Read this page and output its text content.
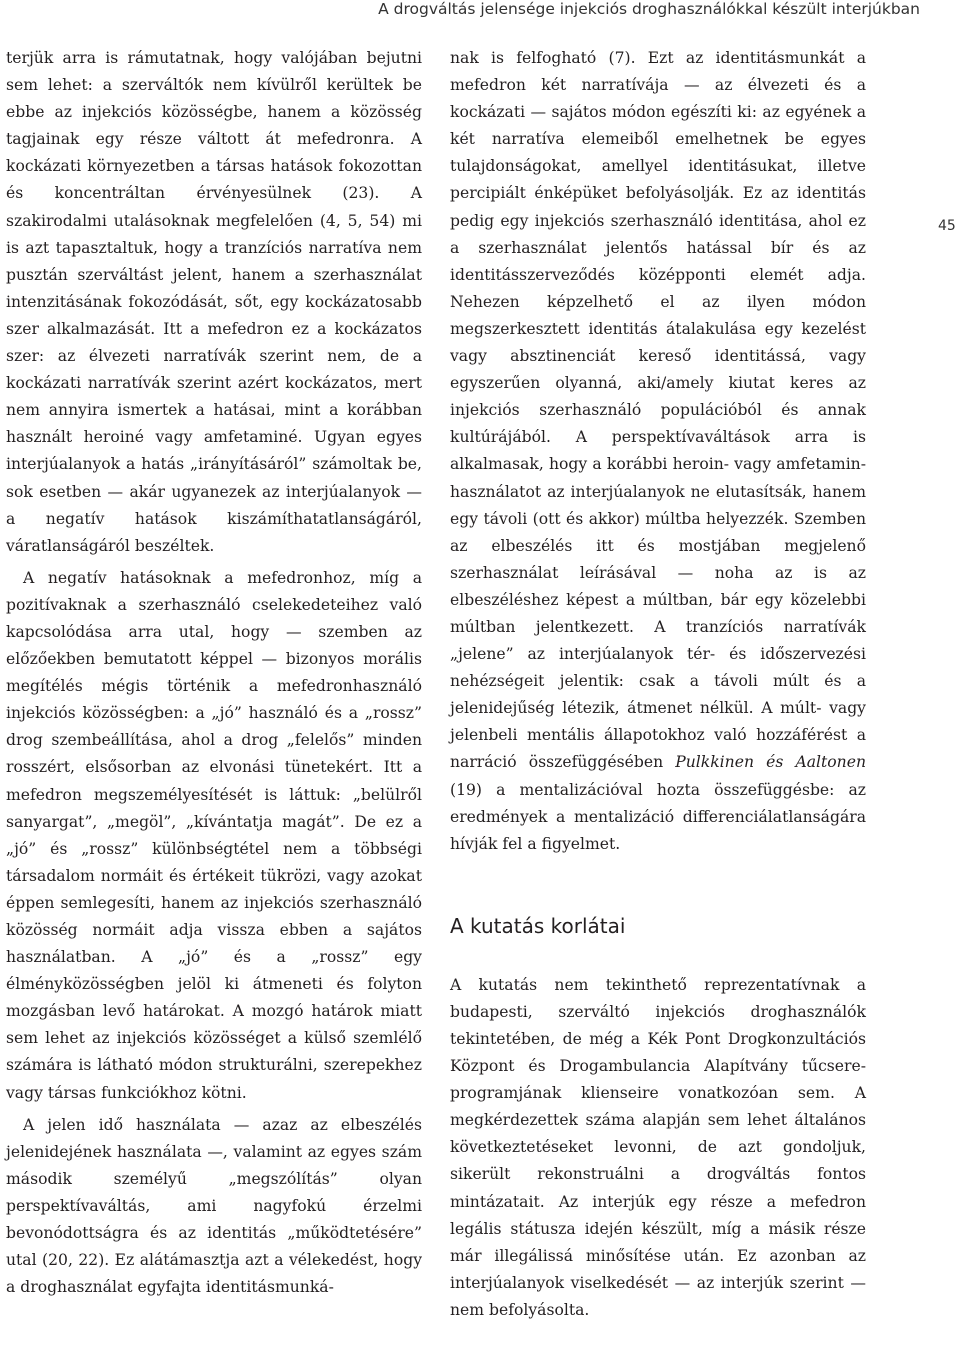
A drogváltás jelensége injekciós droghasználókkal készült interjúkban
45

terjük arra is rámutatnak, hogy valójában bejutni sem lehet: a szerváltók nem kívülről kerültek be ebbe az injekciós közösségbe, hanem a közösség tagjainak egy része váltott át mefedronra. A kockázati környezetben a társas hatások fokozottan és koncentráltan érvényesülnek (23). A szakirodalmi utalásoknak megfelelően (4, 5, 54) mi is azt tapasztaltuk, hogy a tranzíciós narratíva nem pusztán szerváltást jelent, hanem a szerhasználat intenzitásának fokozódását, sőt, egy kockázatosabb szer alkalmazását. Itt a mefedron ez a kockázatos szer: az élvezeti narratívák szerint nem, de a kockázati narratívák szerint azért kockázatos, mert nem annyira ismertek a hatásai, mint a korábban használt heroiné vagy amfetaminé. Ugyan egyes interjúalanyok a hatás „irányításáról” számoltak be, sok esetben — akár ugyanezek az interjúalanyok — a negatív hatások kiszámíthatatlanságáról, váratlanságáról beszéltek.

A negatív hatásoknak a mefedronhoz, míg a pozitívaknak a szerhasználó cselekedeteihez való kapcsolódása arra utal, hogy — szemben az előzőekben bemutatott képpel — bizonyos morális megítélés mégis történik a mefedronhasználó injekciós közösségben: a „jó” használó és a „rossz” drog szembeállítása, ahol a drog „felelős” minden rosszért, elsősorban az elvonási tünetekért. Itt a mefedron megszemélyesítését is láttuk: „belülről sanyargat”, „megöl”, „kívántatja magát”. De ez a „jó” és „rossz” különbségtétel nem a többségi társadalom normáit és értékeit tükrözi, vagy azokat éppen semlegesíti, hanem az injekciós szerhasználó közösség normáit adja vissza ebben a sajátos használatban. A „jó” és a „rossz” egy élményközösségben jelöl ki átmeneti és folyton mozgásban levő határokat. A mozgó határok miatt sem lehet az injekciós közösséget a külső szemlélő számára is látható módon strukturálni, szerepekhez vagy társas funkciókhoz kötni.

A jelen idő használata — azaz az elbeszélés jelenidejének használata —, valamint az egyes szám második személyű „megszólítás” olyan perspektívaváltás, ami nagyfokú érzelmi bevonódottságra és az identitás „működtetésére” utal (20, 22). Ez alátámasztja azt a vélekedést, hogy a droghasználat egyfajta identitásmunká-

nak is felfogható (7). Ezt az identitásmunkát a mefedron két narratívája — az élvezeti és a kockázati — sajátos módon egészíti ki: az egyének a két narratíva elemeiből emelhetnek be egyes tulajdonságokat, amellyel identitásukat, illetve percipiált énképüket befolyásolják. Ez az identitás pedig egy injekciós szerhasználó identitása, ahol ez a szerhasználat jelentős hatással bír és az identitásszerveződés középponti elemét adja. Nehezen képzelhető el az ilyen módon megszerkesztett identitás átalakulása egy kezelést vagy absztinenciát kereső identitássá, vagy egyszerűen olyanná, aki/amely kiutat keres az injekciós szerhasználó populációból és annak kultúrájából. A perspektívaváltások arra is alkalmasak, hogy a korábbi heroin- vagy amfetamin-használatot az interjúalanyok ne elutasítsák, hanem egy távoli (ott és akkor) múltba helyezzék. Szemben az elbeszélés itt és mostjában megjelenő szerhasználat leírásával — noha az is az elbeszéléshez képest a múltban, bár egy közelebbi múltban jelentkezett. A tranzíciós narratívák „jelene” az interjúalanyok tér- és időszervezési nehézségeit jelentik: csak a távoli múlt és a jelenidejűség létezik, átmenet nélkül. A múlt- vagy jelenbeli mentális állapotokhoz való hozzáférést a narráció összefüggésében Pulkkinen és Aaltonen (19) a mentalizációval hozta összefüggésbe: az eredmények a mentalizáció differenciálatlanságára hívják fel a figyelmet.

A kutatás korlátai

A kutatás nem tekinthető reprezentatívnak a budapesti, szerváltó injekciós droghasználók tekintetében, de még a Kék Pont Drogkonzultációs Központ és Drogambulancia Alapítvány tűcsere-programjának klienseire vonatkozóan sem. A megkérdezettek száma alapján sem lehet általános következtetéseket levonni, de azt gondoljuk, sikerült rekonstruálni a drogváltás fontos mintázatait. Az interjúk egy része a mefedron legális státusza idején készült, míg a másik része már illegálissá minősítése után. Ez azonban az interjúalanyok viselkedését — az interjúk szerint — nem befolyásolta.
